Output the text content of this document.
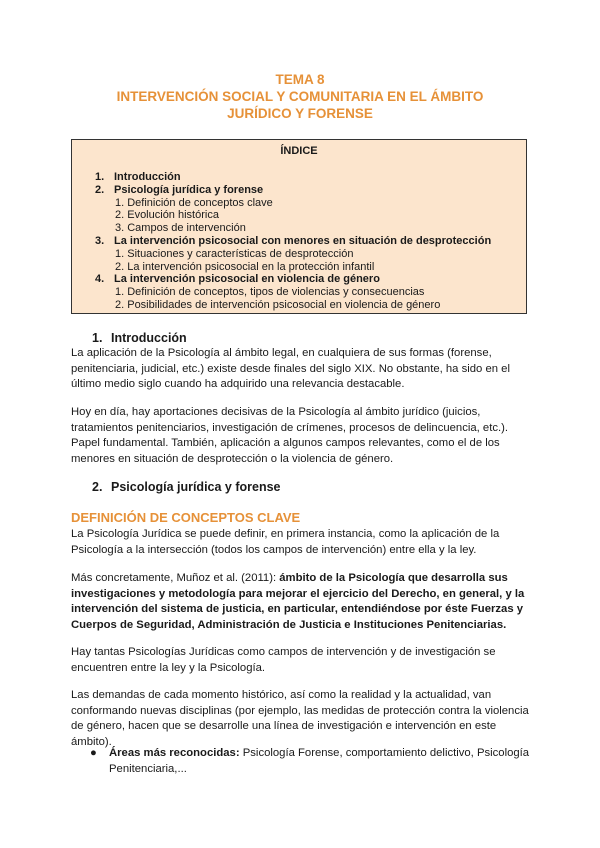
TEMA 8
INTERVENCIÓN SOCIAL Y COMUNITARIA EN EL ÁMBITO
JURÍDICO Y FORENSE
ÍNDICE
1. Introducción
2. Psicología jurídica y forense
1. Definición de conceptos clave
2. Evolución histórica
3. Campos de intervención
3. La intervención psicosocial con menores en situación de desprotección
1. Situaciones y características de desprotección
2. La intervención psicosocial en la protección infantil
4. La intervención psicosocial en violencia de género
1. Definición de conceptos, tipos de violencias y consecuencias
2. Posibilidades de intervención psicosocial en violencia de género
1. Introducción
La aplicación de la Psicología al ámbito legal, en cualquiera de sus formas (forense, penitenciaria, judicial, etc.) existe desde finales del siglo XIX. No obstante, ha sido en el último medio siglo cuando ha adquirido una relevancia destacable.
Hoy en día, hay aportaciones decisivas de la Psicología al ámbito jurídico (juicios, tratamientos penitenciarios, investigación de crímenes, procesos de delincuencia, etc.). Papel fundamental. También, aplicación a algunos campos relevantes, como el de los menores en situación de desprotección o la violencia de género.
2. Psicología jurídica y forense
DEFINICIÓN DE CONCEPTOS CLAVE
La Psicología Jurídica se puede definir, en primera instancia, como la aplicación de la Psicología a la intersección (todos los campos de intervención) entre ella y la ley.
Más concretamente, Muñoz et al. (2011): ámbito de la Psicología que desarrolla sus investigaciones y metodología para mejorar el ejercicio del Derecho, en general, y la intervención del sistema de justicia, en particular, entendiéndose por éste Fuerzas y Cuerpos de Seguridad, Administración de Justicia e Instituciones Penitenciarias.
Hay tantas Psicologías Jurídicas como campos de intervención y de investigación se encuentren entre la ley y la Psicología.
Las demandas de cada momento histórico, así como la realidad y la actualidad, van conformando nuevas disciplinas (por ejemplo, las medidas de protección contra la violencia de género, hacen que se desarrolle una línea de investigación e intervención en este ámbito).
● Áreas más reconocidas: Psicología Forense, comportamiento delictivo, Psicología Penitenciaria,...
